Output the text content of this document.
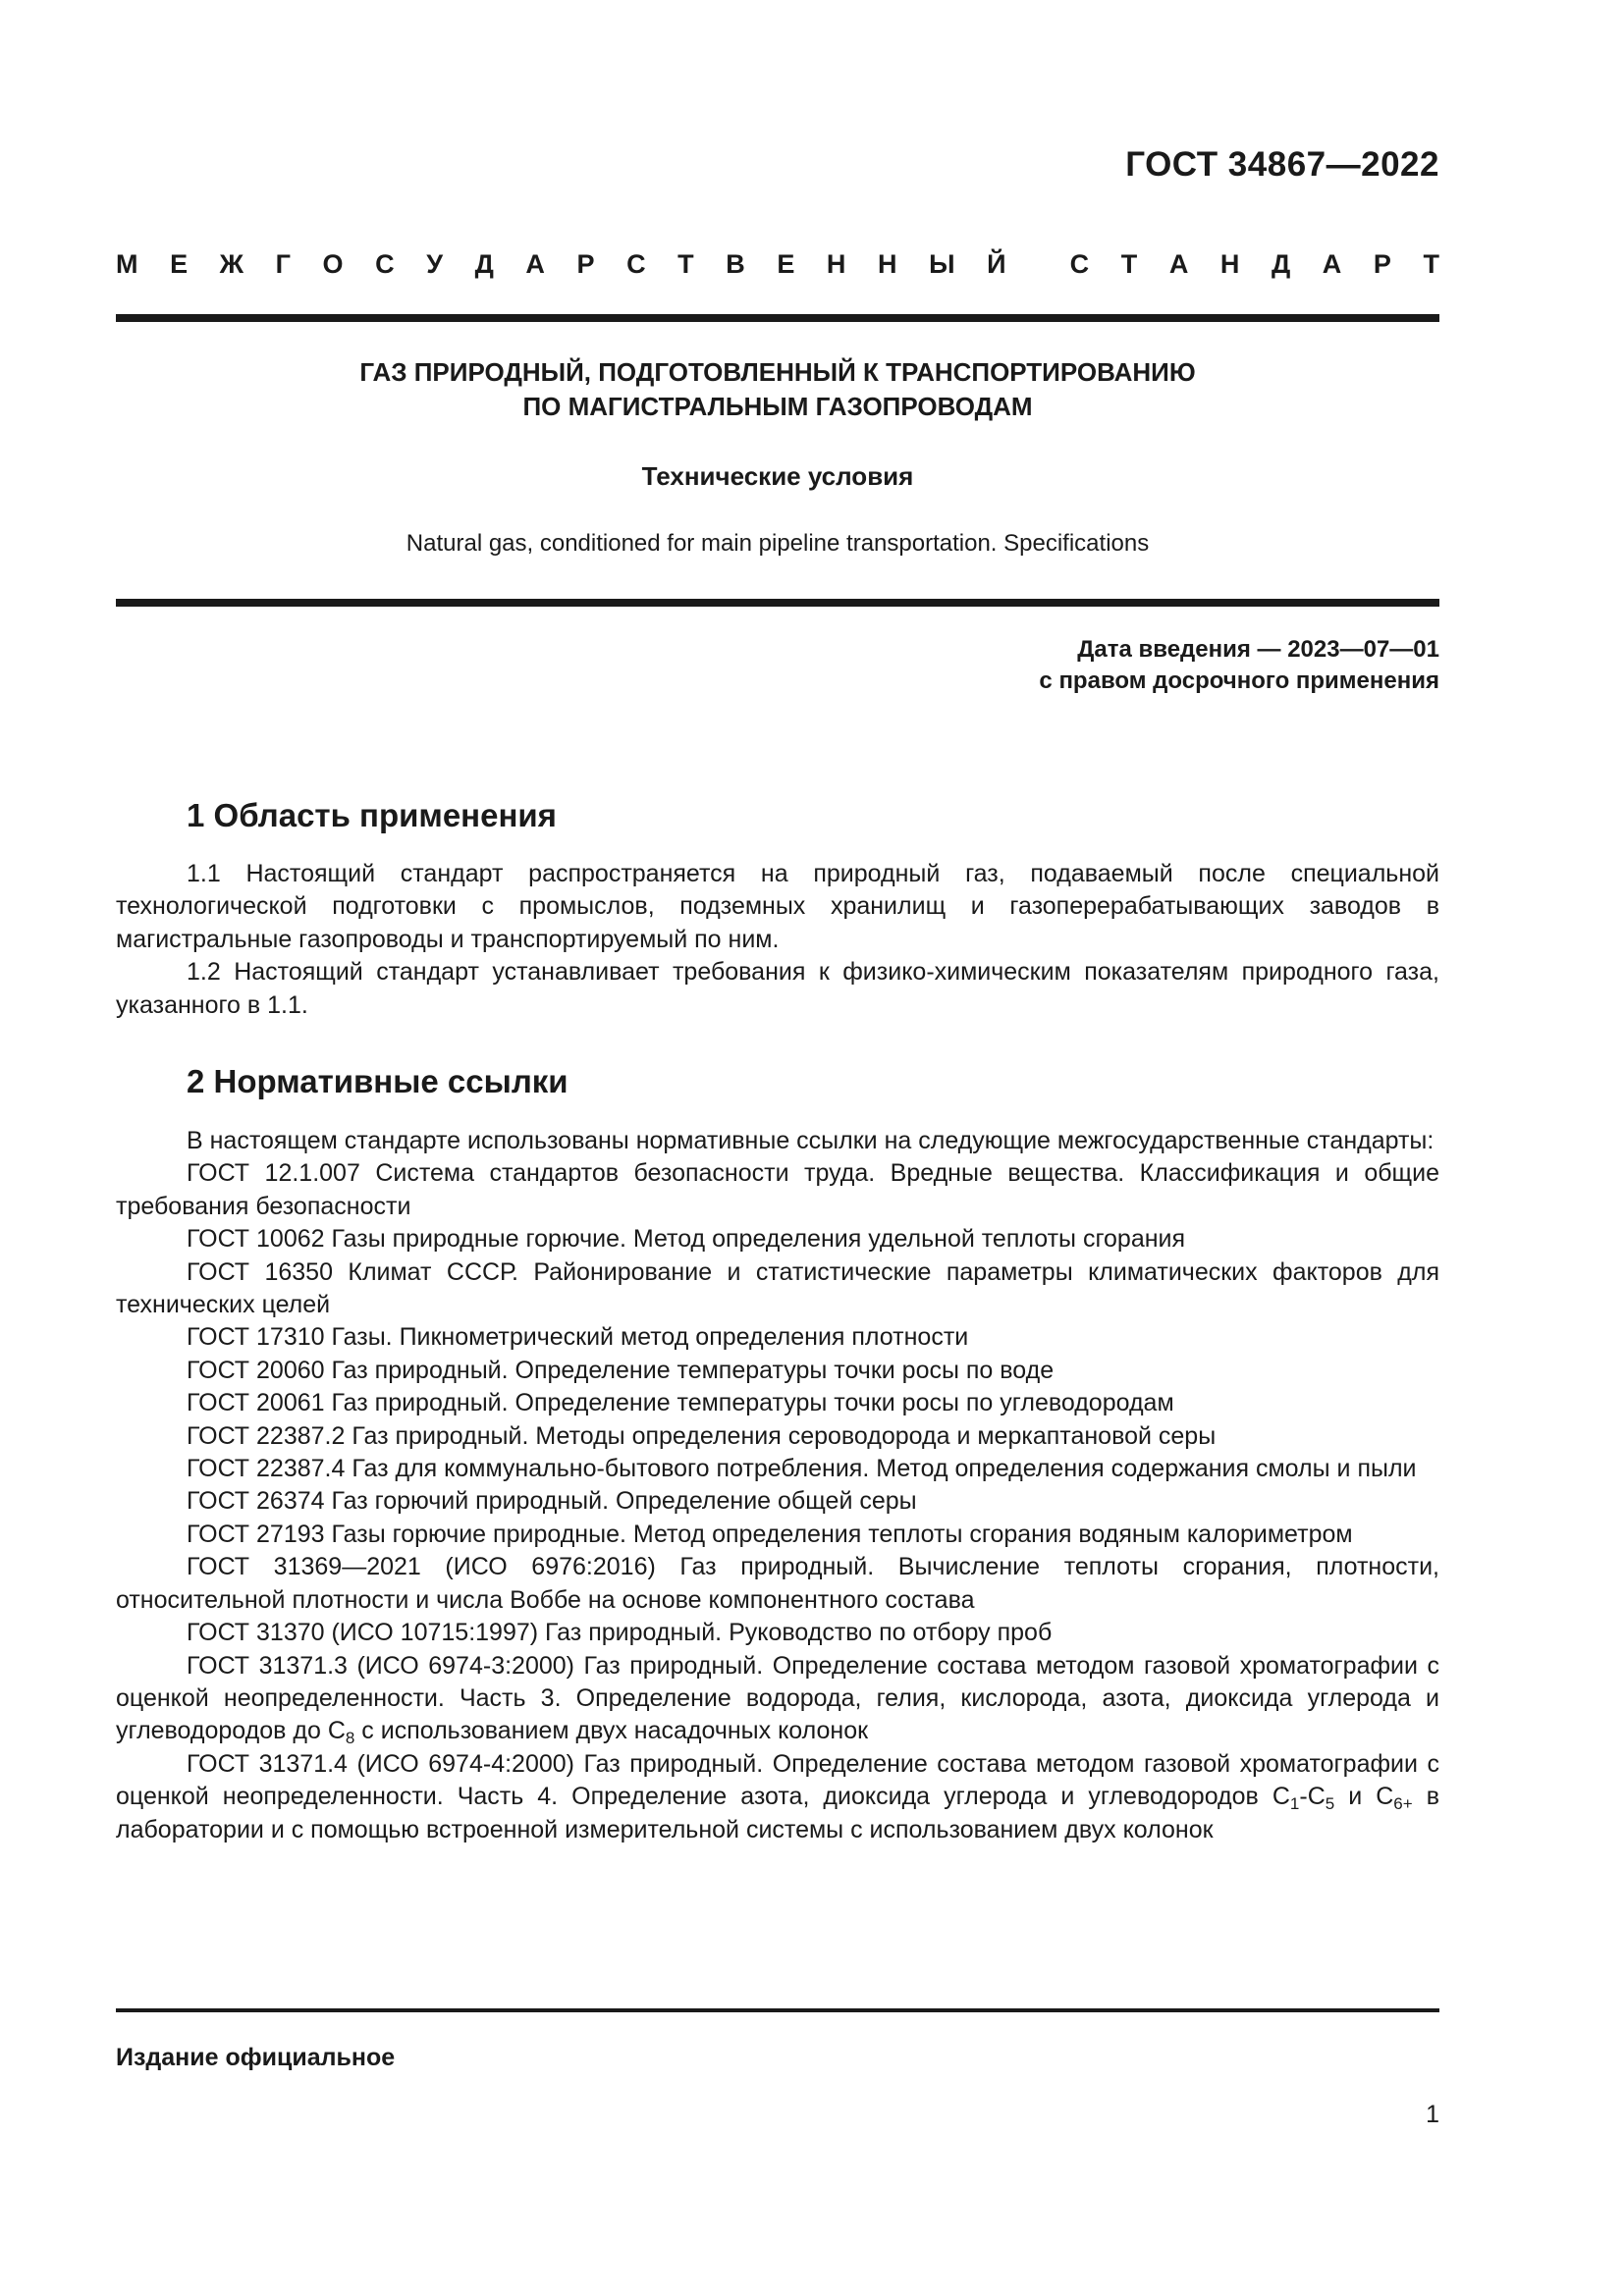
ГОСТ 34867—2022
М Е Ж Г О С У Д А Р С Т В Е Н Н Ы Й С Т А Н Д А Р Т
ГАЗ ПРИРОДНЫЙ, ПОДГОТОВЛЕННЫЙ К ТРАНСПОРТИРОВАНИЮ
ПО МАГИСТРАЛЬНЫМ ГАЗОПРОВОДАМ
Технические условия
Natural gas, conditioned for main pipeline transportation. Specifications
Дата введения — 2023—07—01
с правом досрочного применения
1 Область применения

1.1 Настоящий стандарт распространяется на природный газ, подаваемый после специальной технологической подготовки с промыслов, подземных хранилищ и газоперерабатывающих заводов в магистральные газопроводы и транспортируемый по ним.

1.2 Настоящий стандарт устанавливает требования к физико-химическим показателям природного газа, указанного в 1.1.

2 Нормативные ссылки

В настоящем стандарте использованы нормативные ссылки на следующие межгосударственные стандарты:

ГОСТ 12.1.007 Система стандартов безопасности труда. Вредные вещества. Классификация и общие требования безопасности

ГОСТ 10062 Газы природные горючие. Метод определения удельной теплоты сгорания

ГОСТ 16350 Климат СССР. Районирование и статистические параметры климатических факторов для технических целей

ГОСТ 17310 Газы. Пикнометрический метод определения плотности

ГОСТ 20060 Газ природный. Определение температуры точки росы по воде

ГОСТ 20061 Газ природный. Определение температуры точки росы по углеводородам

ГОСТ 22387.2 Газ природный. Методы определения сероводорода и меркаптановой серы

ГОСТ 22387.4 Газ для коммунально-бытового потребления. Метод определения содержания смолы и пыли

ГОСТ 26374 Газ горючий природный. Определение общей серы

ГОСТ 27193 Газы горючие природные. Метод определения теплоты сгорания водяным калориметром

ГОСТ 31369—2021 (ИСО 6976:2016) Газ природный. Вычисление теплоты сгорания, плотности, относительной плотности и числа Воббе на основе компонентного состава

ГОСТ 31370 (ИСО 10715:1997) Газ природный. Руководство по отбору проб

ГОСТ 31371.3 (ИСО 6974-3:2000) Газ природный. Определение состава методом газовой хроматографии с оценкой неопределенности. Часть 3. Определение водорода, гелия, кислорода, азота, диоксида углерода и углеводородов до $C_8$ с использованием двух насадочных колонок

ГОСТ 31371.4 (ИСО 6974-4:2000) Газ природный. Определение состава методом газовой хроматографии с оценкой неопределенности. Часть 4. Определение азота, диоксида углерода и углеводородов $C_1-C_5$ и $C_{6+}$ в лаборатории и с помощью встроенной измерительной системы с использованием двух колонок

Издание официальное
1
